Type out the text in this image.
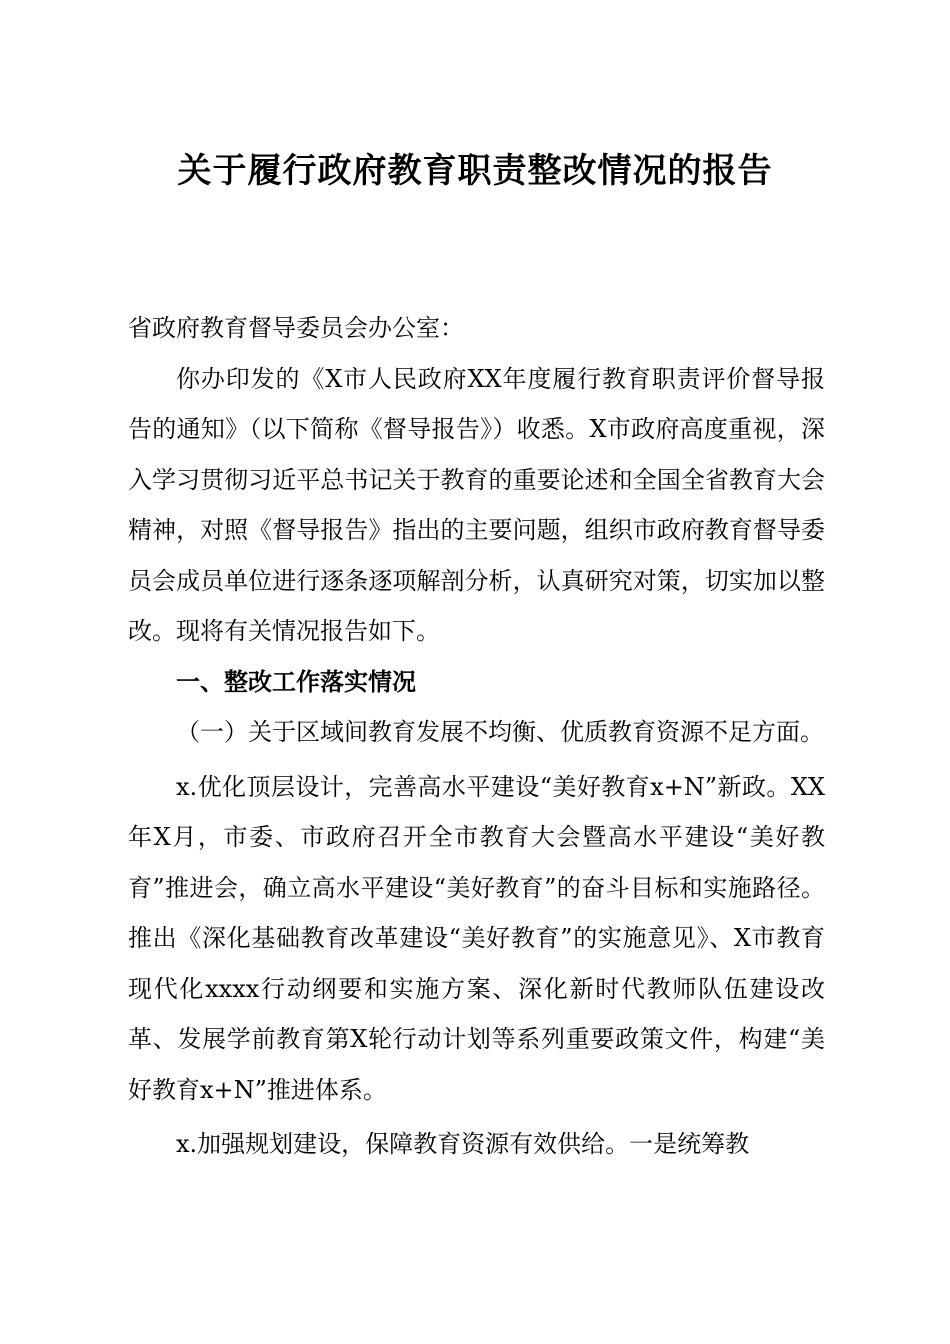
关于履行政府教育职责整改情况的报告

省政府教育督导委员会办公室：

你办印发的《X市人民政府XX年度履行教育职责评价督导报告的通知》（以下简称《督导报告》）收悉。X市政府高度重视，深入学习贯彻习近平总书记关于教育的重要论述和全国全省教育大会精神，对照《督导报告》指出的主要问题，组织市政府教育督导委员会成员单位进行逐条逐项解剖分析，认真研究对策，切实加以整改。现将有关情况报告如下。

一、整改工作落实情况

（一）关于区域间教育发展不均衡、优质教育资源不足方面。

x.优化顶层设计，完善高水平建设“美好教育x+N”新政。XX年X月，市委、市政府召开全市教育大会暨高水平建设“美好教育”推进会，确立高水平建设“美好教育”的奋斗目标和实施路径。推出《深化基础教育改革建设“美好教育”的实施意见》、X市教育现代化xxxx行动纲要和实施方案、深化新时代教师队伍建设改革、发展学前教育第X轮行动计划等系列重要政策文件，构建“美好教育x+N”推进体系。

x.加强规划建设，保障教育资源有效供给。一是统筹教
